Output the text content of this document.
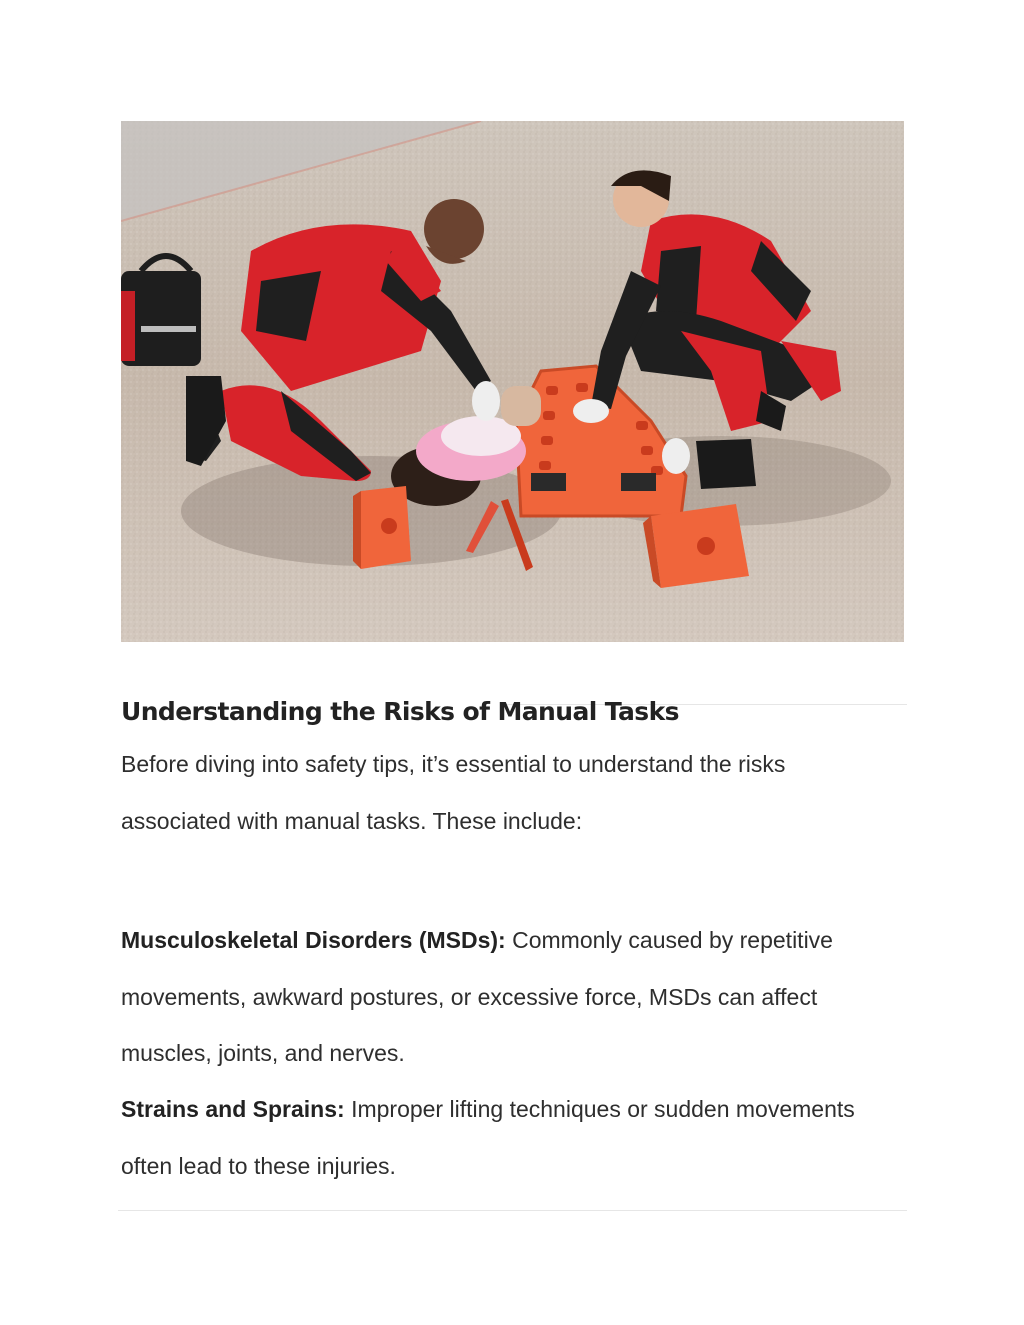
Understanding the Risks of Manual Tasks

Before diving into safety tips, it’s essential to understand the risks associated with manual tasks. These include:

Musculoskeletal Disorders (MSDs): Commonly caused by repetitive movements, awkward postures, or excessive force, MSDs can affect muscles, joints, and nerves.

Strains and Sprains: Improper lifting techniques or sudden movements often lead to these injuries.
